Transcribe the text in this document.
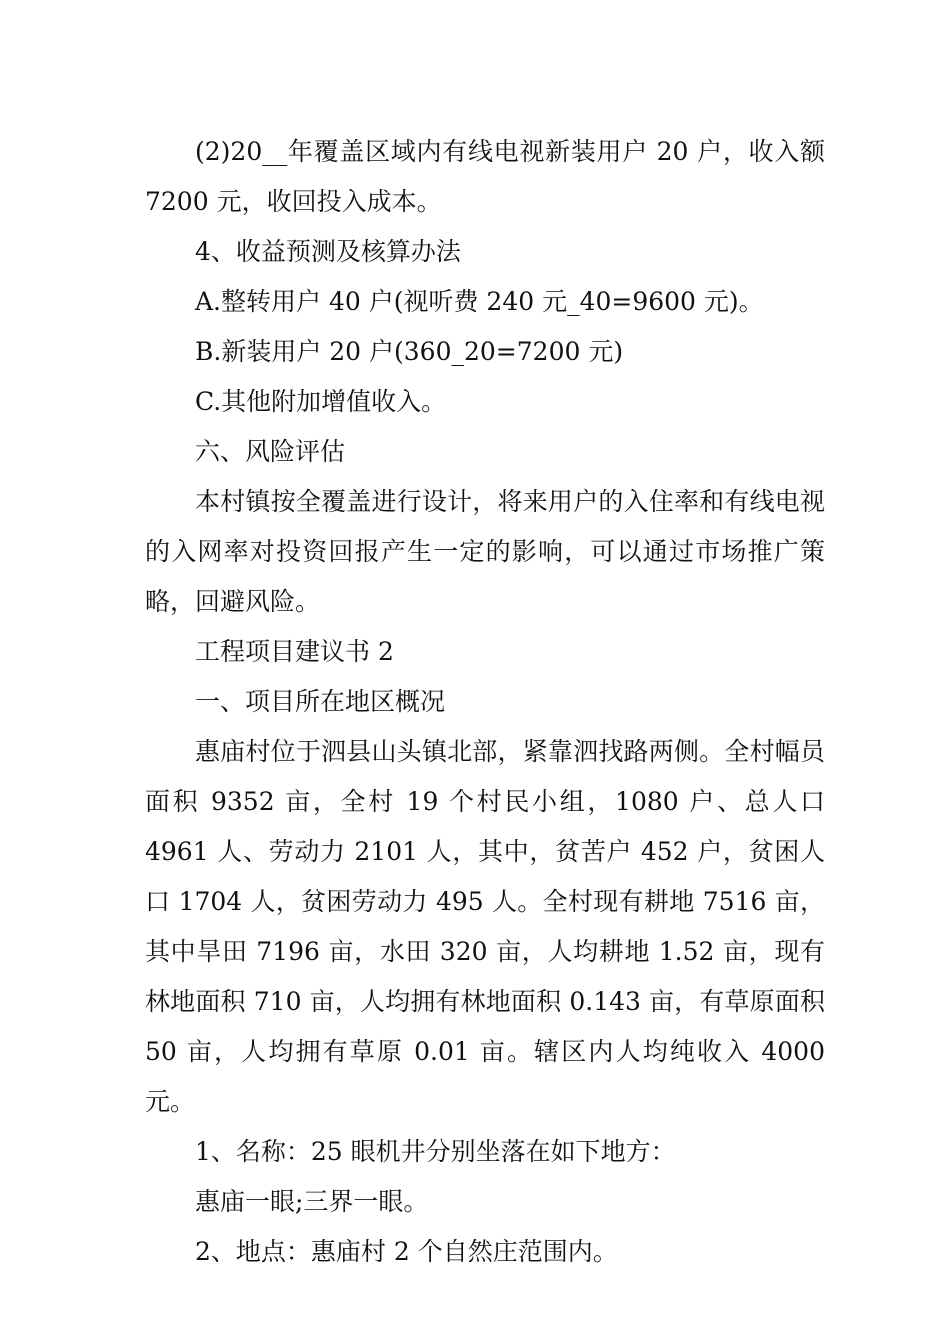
(2)20__年覆盖区域内有线电视新装用户 20 户，收入额 7200 元，收回投入成本。

4、收益预测及核算办法

A.整转用户 40 户(视听费 240 元_40=9600 元)。

B.新装用户 20 户(360_20=7200 元)

C.其他附加增值收入。

六、风险评估

本村镇按全覆盖进行设计，将来用户的入住率和有线电视的入网率对投资回报产生一定的影响，可以通过市场推广策略，回避风险。

工程项目建议书 2

一、项目所在地区概况

惠庙村位于泗县山头镇北部，紧靠泗找路两侧。全村幅员面积 9352 亩，全村 19 个村民小组，1080 户、总人口 4961 人、劳动力 2101 人，其中，贫苦户 452 户，贫困人口 1704 人，贫困劳动力 495 人。全村现有耕地 7516 亩，其中旱田 7196 亩，水田 320 亩，人均耕地 1.52 亩，现有林地面积 710 亩，人均拥有林地面积 0.143 亩，有草原面积 50 亩，人均拥有草原 0.01 亩。辖区内人均纯收入 4000 元。

1、名称：25 眼机井分别坐落在如下地方：

惠庙一眼;三界一眼。

2、地点：惠庙村 2 个自然庄范围内。
